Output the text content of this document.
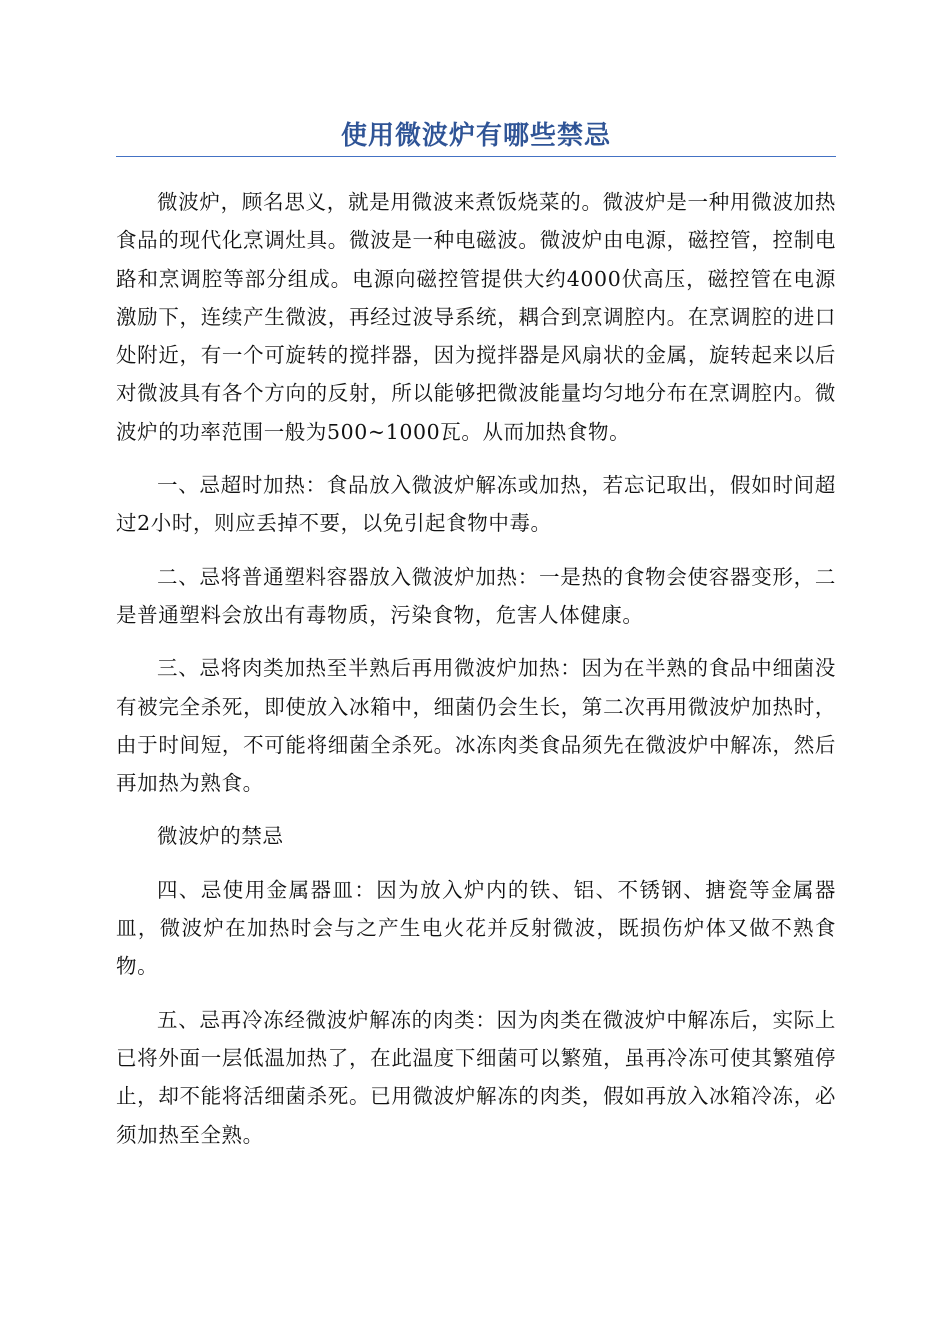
使用微波炉有哪些禁忌

微波炉，顾名思义，就是用微波来煮饭烧菜的。微波炉是一种用微波加热食品的现代化烹调灶具。微波是一种电磁波。微波炉由电源，磁控管，控制电路和烹调腔等部分组成。电源向磁控管提供大约4000伏高压，磁控管在电源激励下，连续产生微波，再经过波导系统，耦合到烹调腔内。在烹调腔的进口处附近，有一个可旋转的搅拌器，因为搅拌器是风扇状的金属，旋转起来以后对微波具有各个方向的反射，所以能够把微波能量均匀地分布在烹调腔内。微波炉的功率范围一般为500~1000瓦。从而加热食物。

一、忌超时加热：食品放入微波炉解冻或加热，若忘记取出，假如时间超过2小时，则应丢掉不要，以免引起食物中毒。

二、忌将普通塑料容器放入微波炉加热：一是热的食物会使容器变形，二是普通塑料会放出有毒物质，污染食物，危害人体健康。

三、忌将肉类加热至半熟后再用微波炉加热：因为在半熟的食品中细菌没有被完全杀死，即使放入冰箱中，细菌仍会生长，第二次再用微波炉加热时，由于时间短，不可能将细菌全杀死。冰冻肉类食品须先在微波炉中解冻，然后再加热为熟食。

微波炉的禁忌

四、忌使用金属器皿：因为放入炉内的铁、铝、不锈钢、搪瓷等金属器皿，微波炉在加热时会与之产生电火花并反射微波，既损伤炉体又做不熟食物。

五、忌再冷冻经微波炉解冻的肉类：因为肉类在微波炉中解冻后，实际上已将外面一层低温加热了，在此温度下细菌可以繁殖，虽再冷冻可使其繁殖停止，却不能将活细菌杀死。已用微波炉解冻的肉类，假如再放入冰箱冷冻，必须加热至全熟。
